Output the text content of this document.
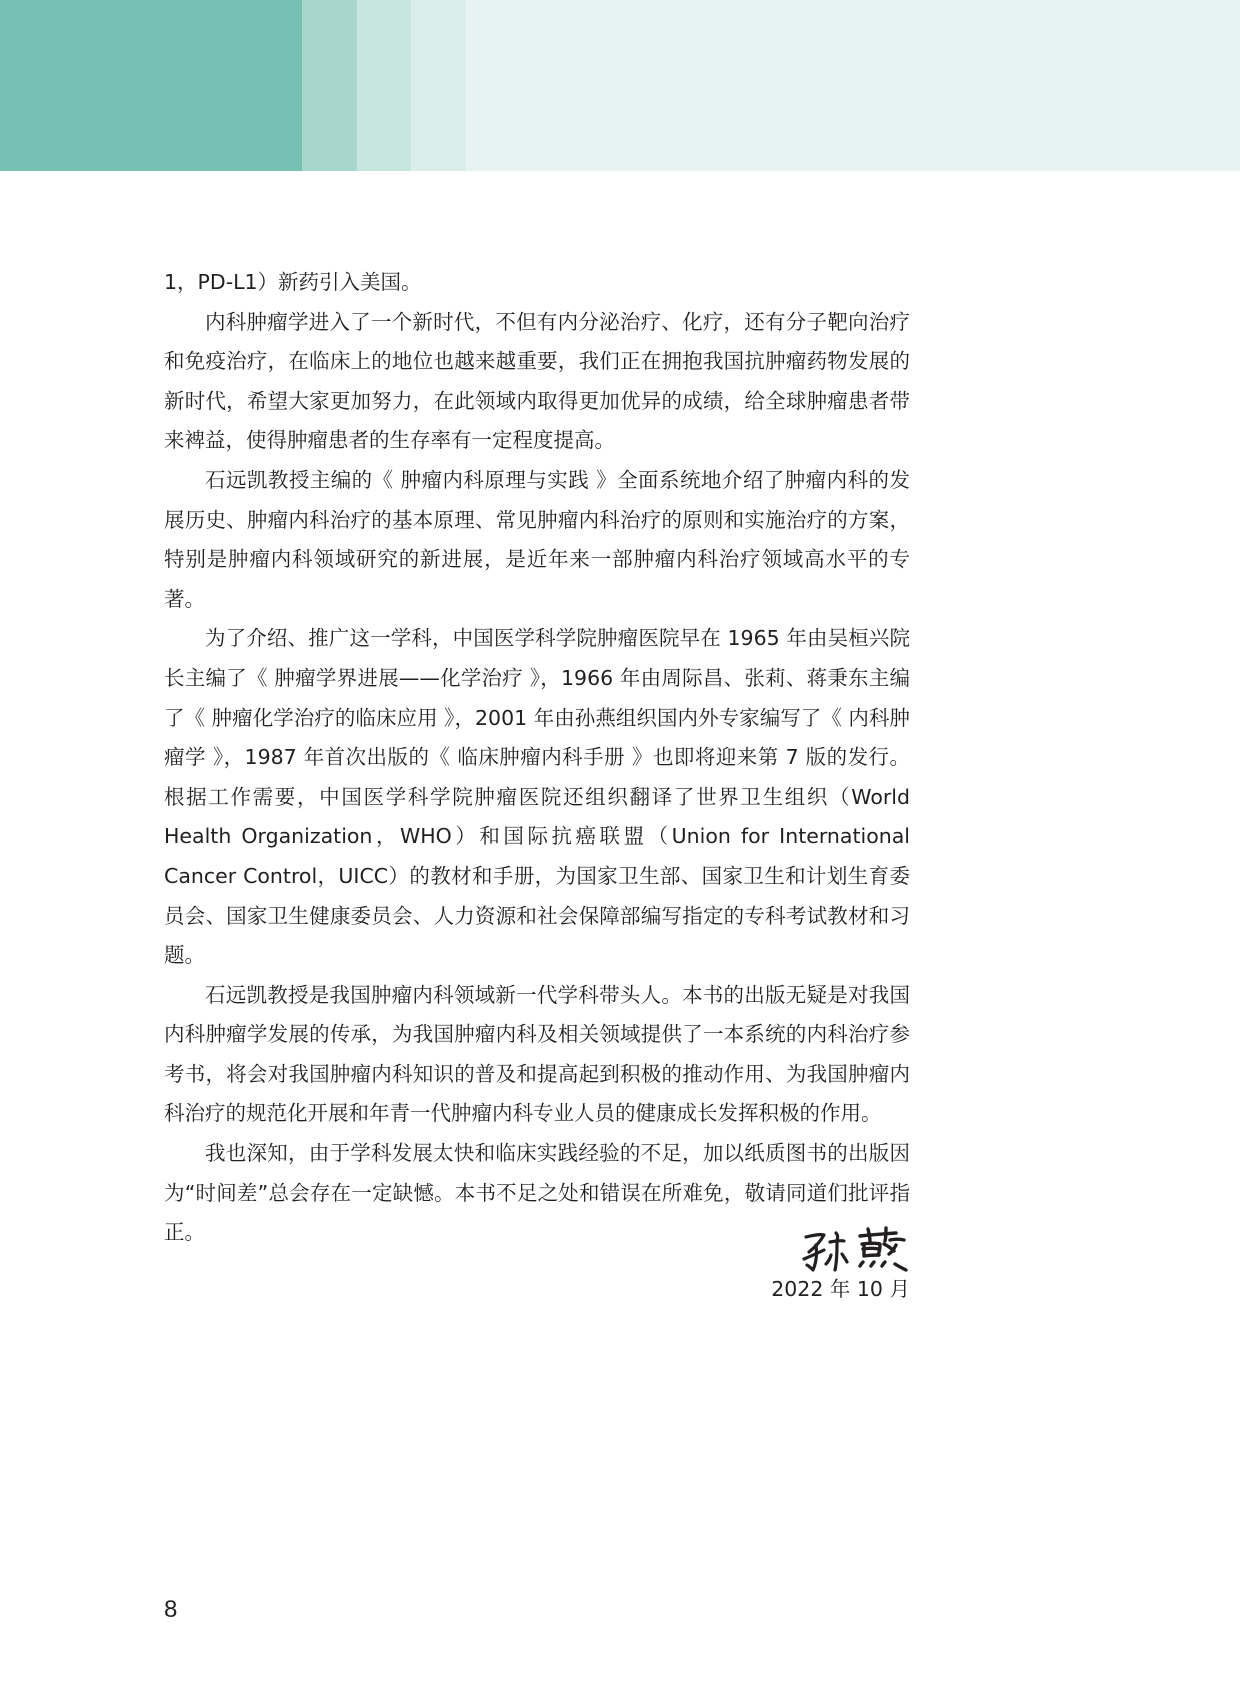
1，PD-L1）新药引入美国。

内科肿瘤学进入了一个新时代，不但有内分泌治疗、化疗，还有分子靶向治疗和免疫治疗，在临床上的地位也越来越重要，我们正在拥抱我国抗肿瘤药物发展的新时代，希望大家更加努力，在此领域内取得更加优异的成绩，给全球肿瘤患者带来裨益，使得肿瘤患者的生存率有一定程度提高。

石远凯教授主编的《 肿瘤内科原理与实践 》全面系统地介绍了肿瘤内科的发展历史、肿瘤内科治疗的基本原理、常见肿瘤内科治疗的原则和实施治疗的方案，特别是肿瘤内科领域研究的新进展，是近年来一部肿瘤内科治疗领域高水平的专著。

为了介绍、推广这一学科，中国医学科学院肿瘤医院早在 1965 年由吴桓兴院长主编了《 肿瘤学界进展——化学治疗 》，1966 年由周际昌、张莉、蒋秉东主编了《 肿瘤化学治疗的临床应用 》，2001 年由孙燕组织国内外专家编写了《 内科肿瘤学 》，1987 年首次出版的《 临床肿瘤内科手册 》也即将迎来第 7 版的发行。根据工作需要，中国医学科学院肿瘤医院还组织翻译了世界卫生组织（World Health Organization，WHO）和国际抗癌联盟（Union for International Cancer Control，UICC）的教材和手册，为国家卫生部、国家卫生和计划生育委员会、国家卫生健康委员会、人力资源和社会保障部编写指定的专科考试教材和习题。

石远凯教授是我国肿瘤内科领域新一代学科带头人。本书的出版无疑是对我国内科肿瘤学发展的传承，为我国肿瘤内科及相关领域提供了一本系统的内科治疗参考书，将会对我国肿瘤内科知识的普及和提高起到积极的推动作用、为我国肿瘤内科治疗的规范化开展和年青一代肿瘤内科专业人员的健康成长发挥积极的作用。

我也深知，由于学科发展太快和临床实践经验的不足，加以纸质图书的出版因为“时间差”总会存在一定缺憾。本书不足之处和错误在所难免，敬请同道们批评指正。

2022 年 10 月
8
